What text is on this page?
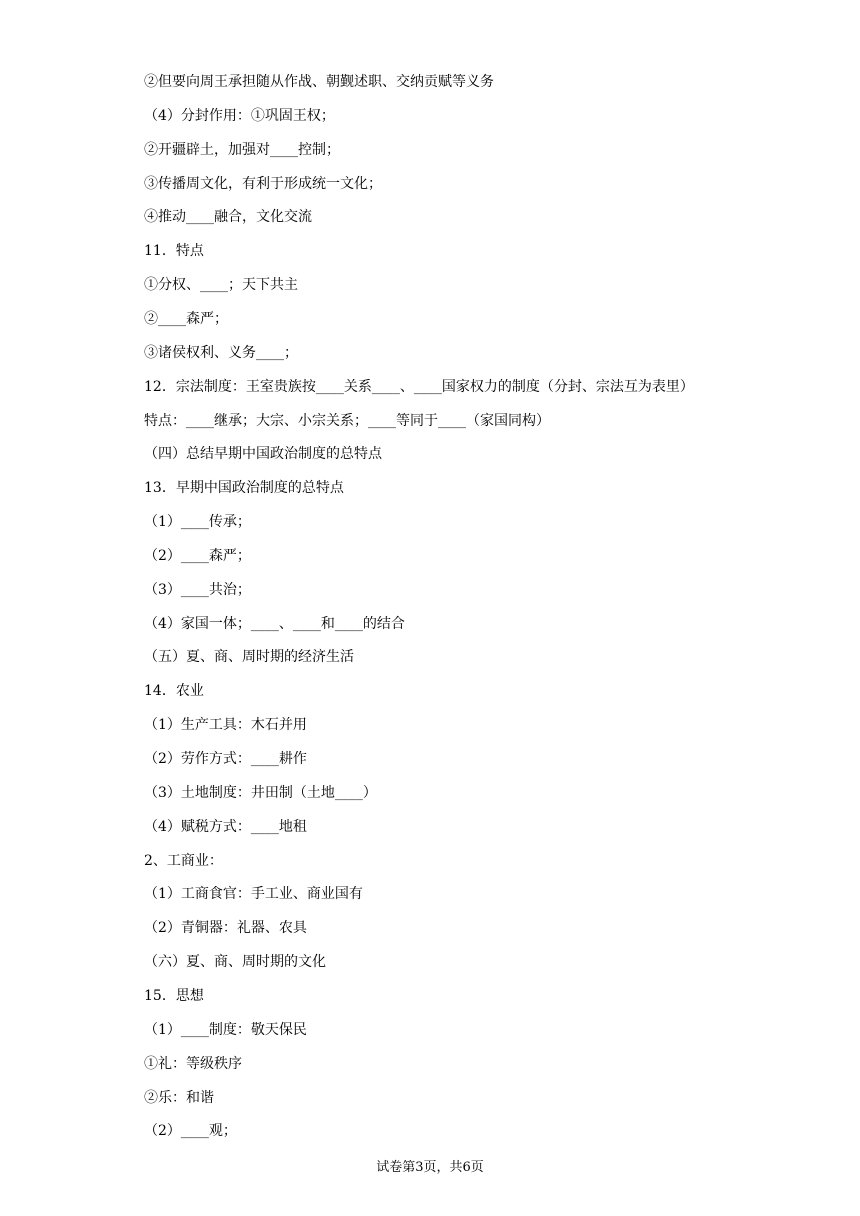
②但要向周王承担随从作战、朝觐述职、交纳贡赋等义务
（4）分封作用：①巩固王权；
②开疆辟土，加强对____控制；
③传播周文化，有利于形成统一文化；
④推动____融合，文化交流
11．特点
①分权、____；天下共主
②____森严；
③诸侯权利、义务____；
12．宗法制度：王室贵族按____关系____、____国家权力的制度（分封、宗法互为表里）
特点：____继承；大宗、小宗关系；____等同于____（家国同构）
（四）总结早期中国政治制度的总特点
13．早期中国政治制度的总特点
（1）____传承；
（2）____森严；
（3）____共治；
（4）家国一体；____、____和____的结合
（五）夏、商、周时期的经济生活
14．农业
（1）生产工具：木石并用
（2）劳作方式：____耕作
（3）土地制度：井田制（土地____）
（4）赋税方式：____地租
2、工商业：
（1）工商食官：手工业、商业国有
（2）青铜器：礼器、农具
（六）夏、商、周时期的文化
15．思想
（1）____制度：敬天保民
①礼：等级秩序
②乐：和谐
（2）____观；
试卷第3页，共6页
